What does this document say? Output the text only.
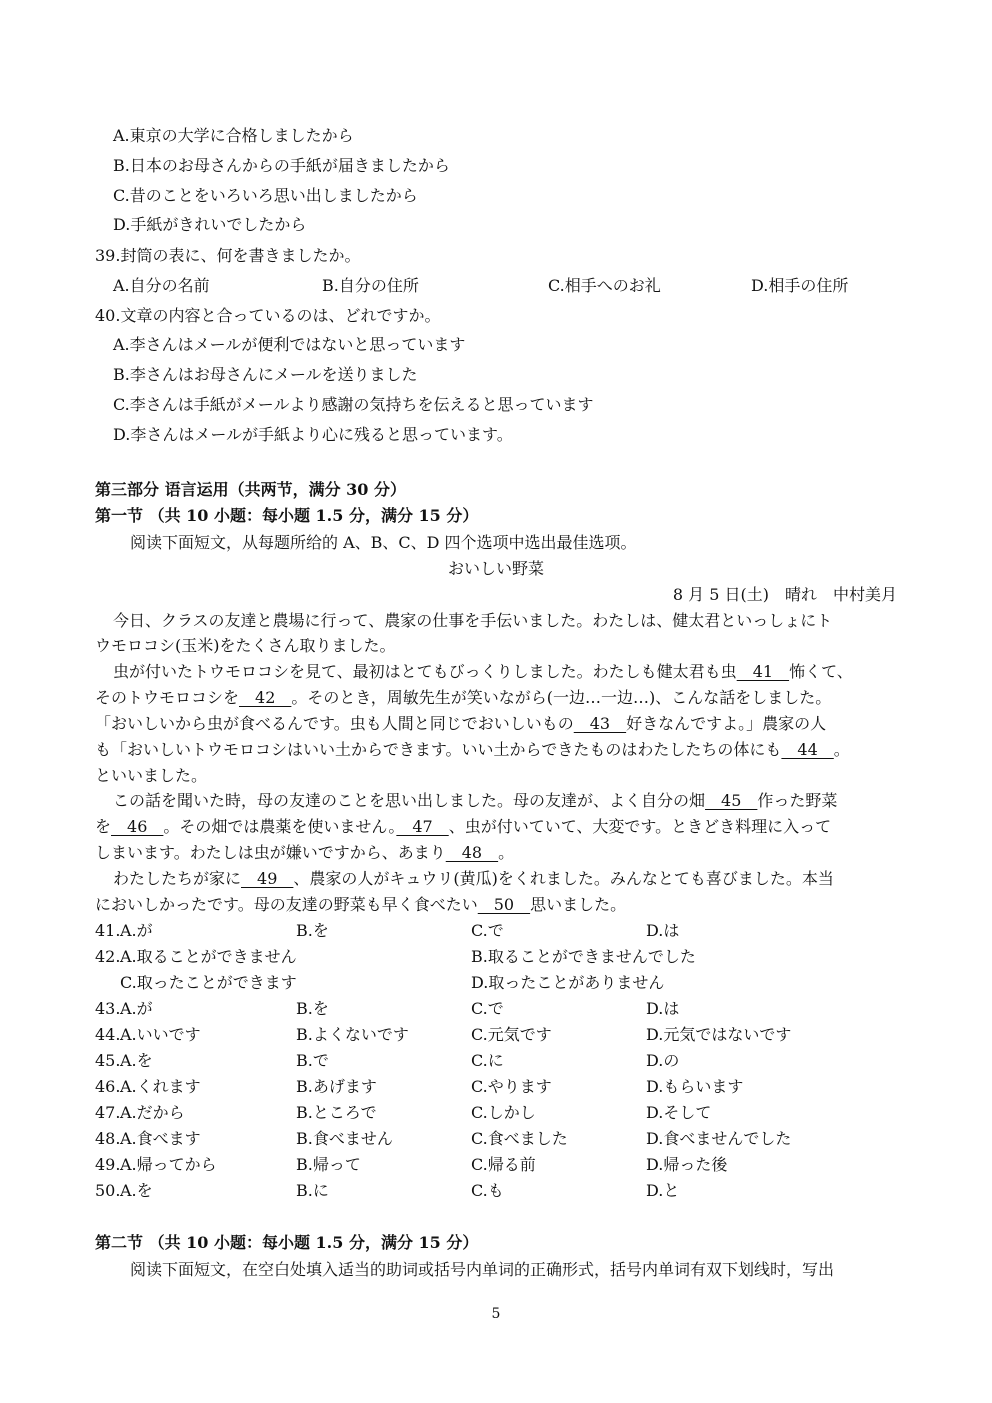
A.東京の大学に合格しましたから
B.日本のお母さんからの手紙が届きましたから
C.昔のことをいろいろ思い出しましたから
D.手紙がきれいでしたから
39.封筒の表に、何を書きましたか。
A.自分の名前	B.自分の住所	C.相手へのお礼	D.相手の住所
40.文章の内容と合っているのは、どれですか。
A.李さんはメールが便利ではないと思っています
B.李さんはお母さんにメールを送りました
C.李さんは手紙がメールより感謝の気持ちを伝えると思っています
D.李さんはメールが手紙より心に残ると思っています。
第三部分 语言运用（共两节，满分 30 分）
第一节 （共 10 小题：每小题 1.5 分，满分 15 分）
阅读下面短文，从每题所给的 A、B、C、D 四个选项中选出最佳选项。
おいしい野菜
8 月 5 日(土)　晴れ　中村美月
今日、クラスの友達と農場に行って、農家の仕事を手伝いました。わたしは、健太君といっしょにト
ウモロコシ(玉米)をたくさん取りました。
虫が付いたトウモロコシを見て、最初はとてもびっくりしました。わたしも健太君も虫　41　怖くて、
そのトウモロコシを　42　。そのとき，周敏先生が笑いながら(一边…一边…)、こんな話をしました。
「おいしいから虫が食べるんです。虫も人間と同じでおいしいもの　43　好きなんですよ。」農家の人
も「おいしいトウモロコシはいい土からできます。いい土からできたものはわたしたちの体にも　44　。
といいました。
この話を聞いた時，母の友達のことを思い出しました。母の友達が、よく自分の畑　45　作った野菜
を　46　。その畑では農薬を使いません。　47　、虫が付いていて、大変です。ときどき料理に入って
しまいます。わたしは虫が嫌いですから、あまり　48　。
わたしたちが家に　49　、農家の人がキュウリ(黄瓜)をくれました。みんなとても喜びました。本当
においしかったです。母の友達の野菜も早く食べたい　50　思いました。
41. A.が	B.を	C.で	D.は
42. A.取ることができません	B.取ることができませんでした
C.取ったことができます	D.取ったことがありません
43. A.が	B.を	C.で	D.は
44. A.いいです	B.よくないです	C.元気です	D.元気ではないです
45. A.を	B.で	C.に	D.の
46. A.くれます	B.あげます	C.やります	D.もらいます
47. A.だから	B.ところで	C.しかし	D.そして
48. A.食べます	B.食べません	C.食べました	D.食べませんでした
49. A.帰ってから	B.帰って	C.帰る前	D.帰った後
50. A.を	B.に	C.も	D.と
第二节 （共 10 小题：每小题 1.5 分，满分 15 分）
阅读下面短文，在空白处填入适当的助词或括号内单词的正确形式，括号内单词有双下划线时，写出
5
